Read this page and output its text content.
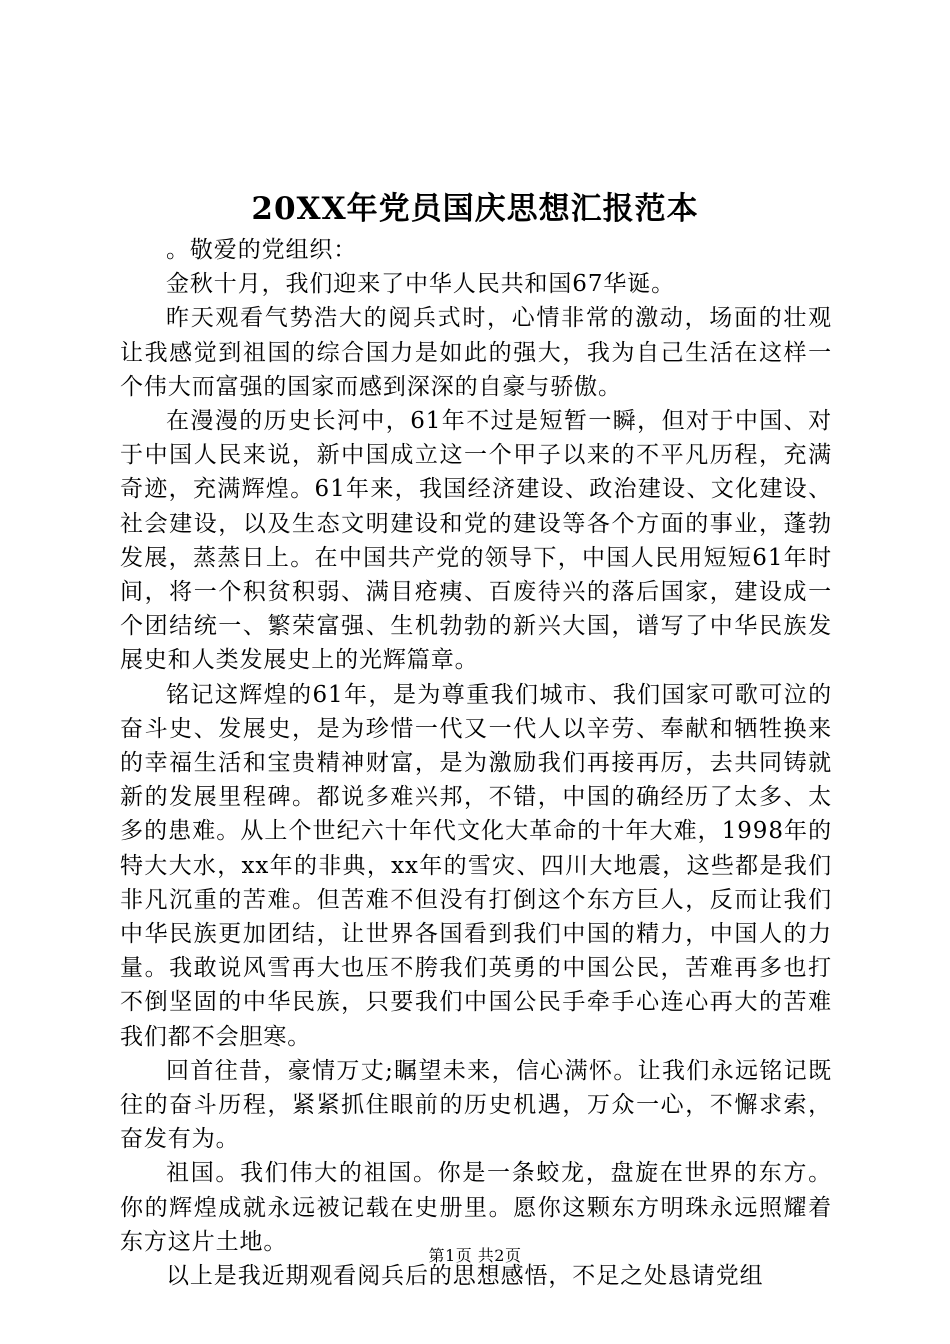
20XX年党员国庆思想汇报范本

。敬爱的党组织：

金秋十月，我们迎来了中华人民共和国67华诞。

昨天观看气势浩大的阅兵式时，心情非常的激动，场面的壮观让我感觉到祖国的综合国力是如此的强大，我为自己生活在这样一个伟大而富强的国家而感到深深的自豪与骄傲。

在漫漫的历史长河中，61年不过是短暂一瞬，但对于中国、对于中国人民来说，新中国成立这一个甲子以来的不平凡历程，充满奇迹，充满辉煌。61年来，我国经济建设、政治建设、文化建设、社会建设，以及生态文明建设和党的建设等各个方面的事业，蓬勃发展，蒸蒸日上。在中国共产党的领导下，中国人民用短短61年时间，将一个积贫积弱、满目疮痍、百废待兴的落后国家，建设成一个团结统一、繁荣富强、生机勃勃的新兴大国，谱写了中华民族发展史和人类发展史上的光辉篇章。

铭记这辉煌的61年，是为尊重我们城市、我们国家可歌可泣的奋斗史、发展史，是为珍惜一代又一代人以辛劳、奉献和牺牲换来的幸福生活和宝贵精神财富，是为激励我们再接再厉，去共同铸就新的发展里程碑。都说多难兴邦，不错，中国的确经历了太多、太多的患难。从上个世纪六十年代文化大革命的十年大难，1998年的特大大水，xx年的非典，xx年的雪灾、四川大地震，这些都是我们非凡沉重的苦难。但苦难不但没有打倒这个东方巨人，反而让我们中华民族更加团结，让世界各国看到我们中国的精力，中国人的力量。我敢说风雪再大也压不胯我们英勇的中国公民，苦难再多也打不倒坚固的中华民族，只要我们中国公民手牵手心连心再大的苦难我们都不会胆寒。

回首往昔，豪情万丈;瞩望未来，信心满怀。让我们永远铭记既往的奋斗历程，紧紧抓住眼前的历史机遇，万众一心，不懈求索，奋发有为。

祖国。我们伟大的祖国。你是一条蛟龙，盘旋在世界的东方。你的辉煌成就永远被记载在史册里。愿你这颗东方明珠永远照耀着东方这片土地。

以上是我近期观看阅兵后的思想感悟，不足之处恳请党组

第1页 共2页
